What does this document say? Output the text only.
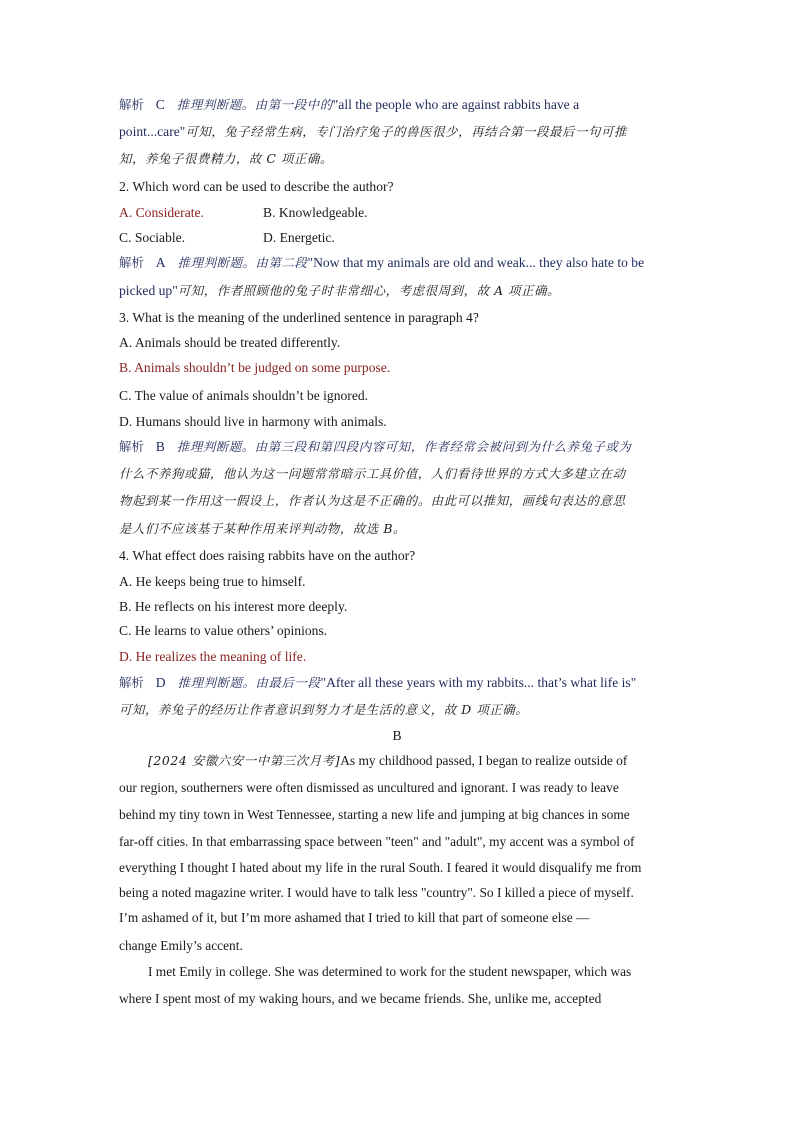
解析 C 推理判断题。由第一段中的"all the people who are against rabbits have a
point...care"可知，兔子经常生病，专门治疗兔子的兽医很少，再结合第一段最后一句可推
知，养兔子很费精力，故 C 项正确。
2. Which word can be used to describe the author?
A. Considerate.	B. Knowledgeable.
C. Sociable.	D. Energetic.
解析 A 推理判断题。由第二段"Now that my animals are old and weak... they also hate to be
picked up"可知，作者照顾他的兔子时非常细心，考虑很周到，故 A 项正确。
3. What is the meaning of the underlined sentence in paragraph 4?
A. Animals should be treated differently.
B. Animals shouldn’t be judged on some purpose.
C. The value of animals shouldn’t be ignored.
D. Humans should live in harmony with animals.
解析 B 推理判断题。由第三段和第四段内容可知，作者经常会被问到为什么养兔子或为
什么不养狗或猫，他认为这一问题常常暗示工具价值，人们看待世界的方式大多建立在动
物起到某一作用这一假设上，作者认为这是不正确的。由此可以推知，画线句表达的意思
是人们不应该基于某种作用来评判动物，故选 B。
4. What effect does raising rabbits have on the author?
A. He keeps being true to himself.
B. He reflects on his interest more deeply.
C. He learns to value others’ opinions.
D. He realizes the meaning of life.
解析 D 推理判断题。由最后一段"After all these years with my rabbits... that’s what life is"
可知，养兔子的经历让作者意识到努力才是生活的意义，故 D 项正确。
B
[2024 安徽六安一中第三次月考]As my childhood passed, I began to realize outside of
our region, southerners were often dismissed as uncultured and ignorant. I was ready to leave
behind my tiny town in West Tennessee, starting a new life and jumping at big chances in some
far-off cities. In that embarrassing space between "teen" and "adult", my accent was a symbol of
everything I thought I hated about my life in the rural South. I feared it would disqualify me from
being a noted magazine writer. I would have to talk less "country". So I killed a piece of myself.
I’m ashamed of it, but I’m more ashamed that I tried to kill that part of someone else —
change Emily’s accent.
I met Emily in college. She was determined to work for the student newspaper, which was
where I spent most of my waking hours, and we became friends. She, unlike me, accepted
